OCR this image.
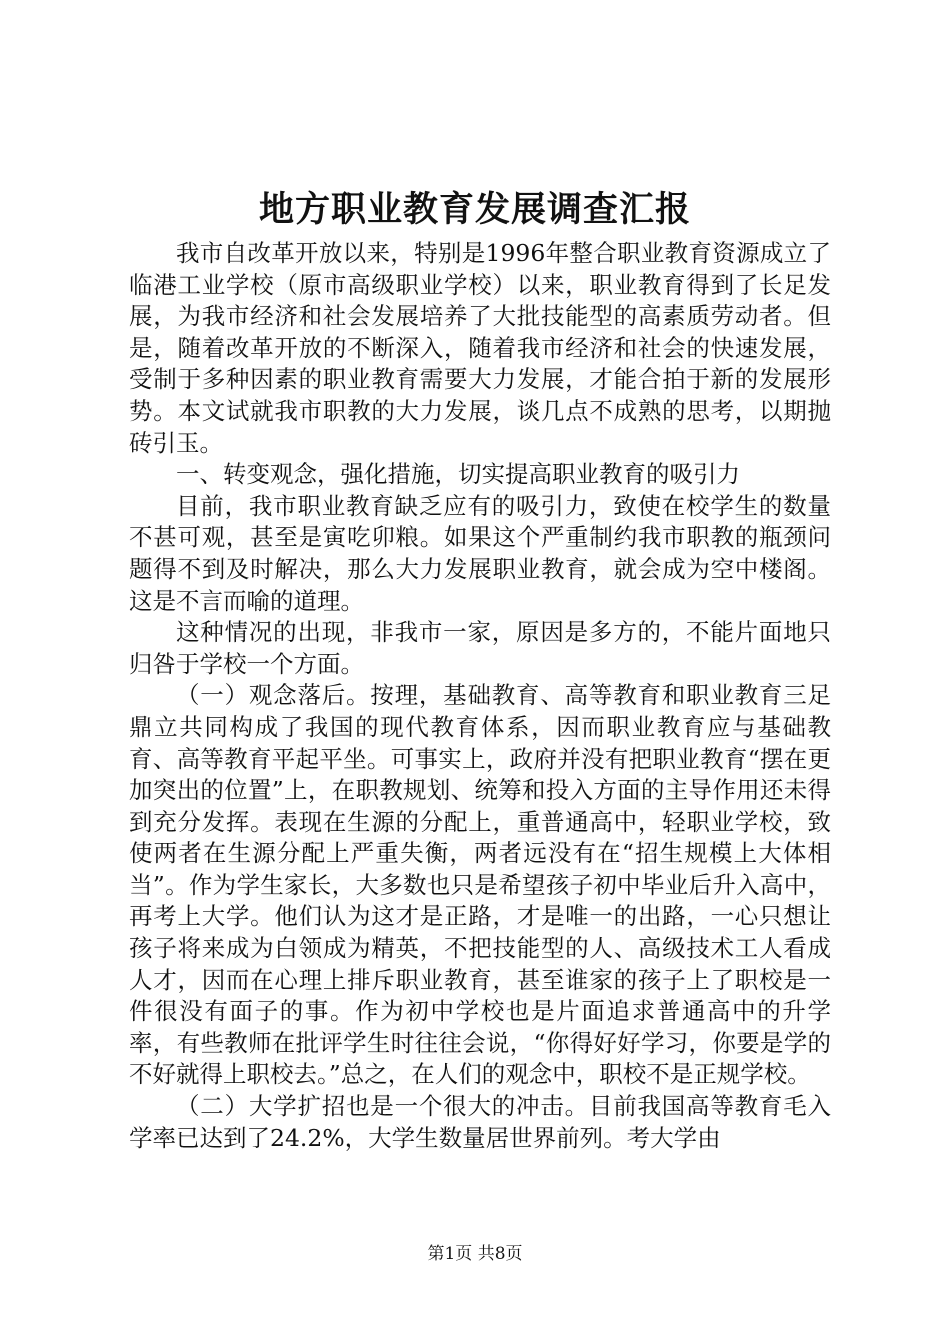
地方职业教育发展调查汇报

我市自改革开放以来，特别是1996年整合职业教育资源成立了临港工业学校（原市高级职业学校）以来，职业教育得到了长足发展，为我市经济和社会发展培养了大批技能型的高素质劳动者。但是，随着改革开放的不断深入，随着我市经济和社会的快速发展，受制于多种因素的职业教育需要大力发展，才能合拍于新的发展形势。本文试就我市职教的大力发展，谈几点不成熟的思考，以期抛砖引玉。

一、转变观念，强化措施，切实提高职业教育的吸引力

目前，我市职业教育缺乏应有的吸引力，致使在校学生的数量不甚可观，甚至是寅吃卯粮。如果这个严重制约我市职教的瓶颈问题得不到及时解决，那么大力发展职业教育，就会成为空中楼阁。这是不言而喻的道理。

这种情况的出现，非我市一家，原因是多方的，不能片面地只归咎于学校一个方面。

（一）观念落后。按理，基础教育、高等教育和职业教育三足鼎立共同构成了我国的现代教育体系，因而职业教育应与基础教育、高等教育平起平坐。可事实上，政府并没有把职业教育“摆在更加突出的位置”上，在职教规划、统筹和投入方面的主导作用还未得到充分发挥。表现在生源的分配上，重普通高中，轻职业学校，致使两者在生源分配上严重失衡，两者远没有在“招生规模上大体相当”。作为学生家长，大多数也只是希望孩子初中毕业后升入高中，再考上大学。他们认为这才是正路，才是唯一的出路，一心只想让孩子将来成为白领成为精英，不把技能型的人、高级技术工人看成人才，因而在心理上排斥职业教育，甚至谁家的孩子上了职校是一件很没有面子的事。作为初中学校也是片面追求普通高中的升学率，有些教师在批评学生时往往会说，“你得好好学习，你要是学的不好就得上职校去。”总之，在人们的观念中，职校不是正规学校。

（二）大学扩招也是一个很大的冲击。目前我国高等教育毛入学率已达到了24.2%，大学生数量居世界前列。考大学由

第1页 共8页
